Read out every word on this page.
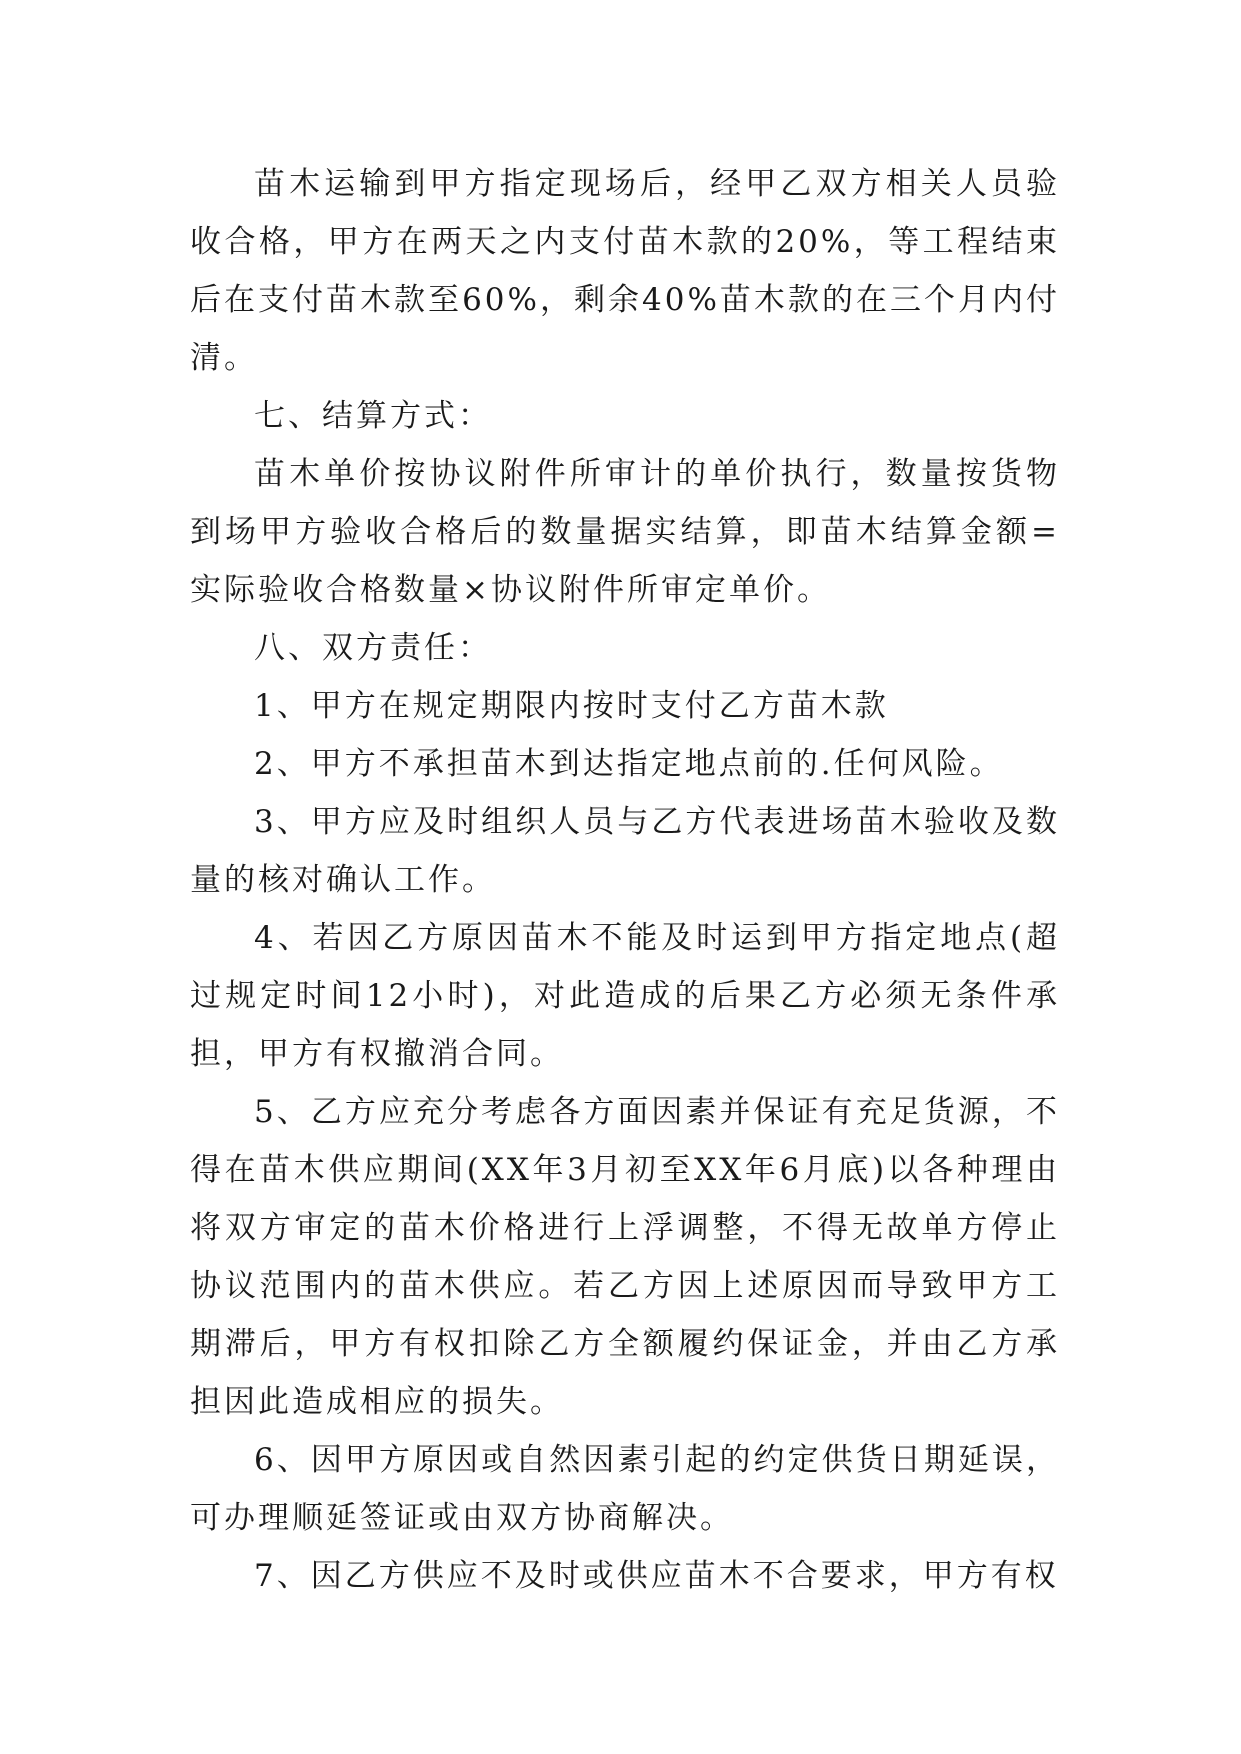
苗木运输到甲方指定现场后，经甲乙双方相关人员验收合格，甲方在两天之内支付苗木款的20%，等工程结束后在支付苗木款至60%，剩余40%苗木款的在三个月内付清。

七、结算方式：

苗木单价按协议附件所审计的单价执行，数量按货物到场甲方验收合格后的数量据实结算，即苗木结算金额=实际验收合格数量×协议附件所审定单价。

八、双方责任：

1、甲方在规定期限内按时支付乙方苗木款

2、甲方不承担苗木到达指定地点前的.任何风险。

3、甲方应及时组织人员与乙方代表进场苗木验收及数量的核对确认工作。

4、若因乙方原因苗木不能及时运到甲方指定地点(超过规定时间12小时)，对此造成的后果乙方必须无条件承担，甲方有权撤消合同。

5、乙方应充分考虑各方面因素并保证有充足货源，不得在苗木供应期间(XX年3月初至XX年6月底)以各种理由将双方审定的苗木价格进行上浮调整，不得无故单方停止协议范围内的苗木供应。若乙方因上述原因而导致甲方工期滞后，甲方有权扣除乙方全额履约保证金，并由乙方承担因此造成相应的损失。

6、因甲方原因或自然因素引起的约定供货日期延误，可办理顺延签证或由双方协商解决。

7、因乙方供应不及时或供应苗木不合要求，甲方有权
